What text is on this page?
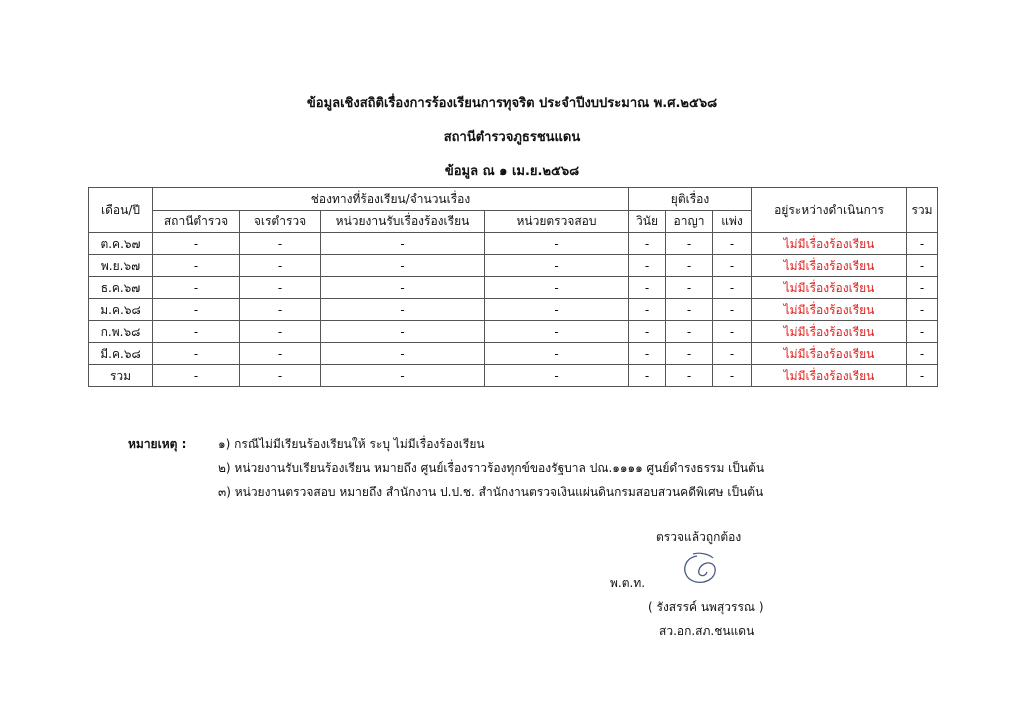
ข้อมูลเชิงสถิติเรื่องการร้องเรียนการทุจริต ประจำปีงบประมาณ พ.ศ.๒๕๖๘
สถานีตำรวจภูธรชนแดน
ข้อมูล ณ ๑ เม.ย.๒๕๖๘
เดือน/ปี	ช่องทางที่ร้องเรียน/จำนวนเรื่อง				ยุติเรื่อง			อยู่ระหว่างดำเนินการ	รวม
	สถานีตำรวจ	จเรตำรวจ	หน่วยงานรับเรื่องร้องเรียน	หน่วยตรวจสอบ	วินัย	อาญา	แพ่ง		
ต.ค.๖๗	-	-	-	-	-	-	-	ไม่มีเรื่องร้องเรียน	-
พ.ย.๖๗	-	-	-	-	-	-	-	ไม่มีเรื่องร้องเรียน	-
ธ.ค.๖๗	-	-	-	-	-	-	-	ไม่มีเรื่องร้องเรียน	-
ม.ค.๖๘	-	-	-	-	-	-	-	ไม่มีเรื่องร้องเรียน	-
ก.พ.๖๘	-	-	-	-	-	-	-	ไม่มีเรื่องร้องเรียน	-
มี.ค.๖๘	-	-	-	-	-	-	-	ไม่มีเรื่องร้องเรียน	-
รวม	-	-	-	-	-	-	-	ไม่มีเรื่องร้องเรียน	-
หมายเหตุ :	๑) กรณีไม่มีเรียนร้องเรียนให้ ระบุ ไม่มีเรื่องร้องเรียน
๒) หน่วยงานรับเรียนร้องเรียน หมายถึง ศูนย์เรื่องราวร้องทุกข์ของรัฐบาล ปณ.๑๑๑๑ ศูนย์ดำรงธรรม เป็นต้น
๓) หน่วยงานตรวจสอบ หมายถึง สำนักงาน ป.ป.ช. สำนักงานตรวจเงินแผ่นดินกรมสอบสวนคดีพิเศษ เป็นต้น
ตรวจแล้วถูกต้อง
พ.ต.ท.
( รังสรรค์ นพสุวรรณ )
สว.อก.สภ.ชนแดน
